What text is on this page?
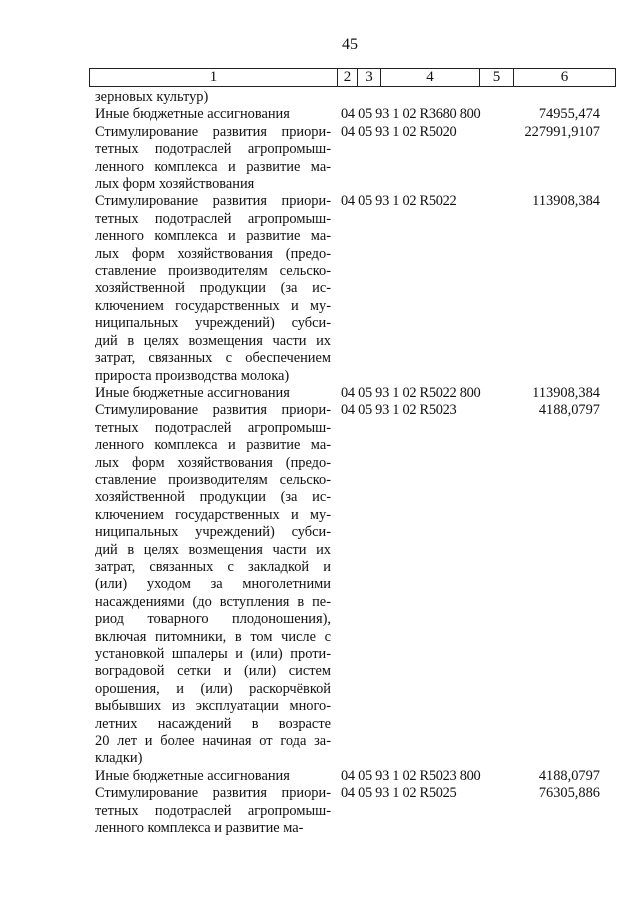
45
1	2	3	4	5	6
зерновых культур)
Иные бюджетные ассигнования	04 05 93 1 02 R3680 800	74955,474
Стимулирование развития приори-
тетных подотраслей агропромыш-
ленного комплекса и развитие ма-
лых форм хозяйствования
04 05 93 1 02 R5020	227991,9107
Стимулирование развития приори-
тетных подотраслей агропромыш-
ленного комплекса и развитие ма-
лых форм хозяйствования (предо-
ставление производителям сельско-
хозяйственной продукции (за ис-
ключением государственных и му-
ниципальных учреждений) субси-
дий в целях возмещения части их
затрат, связанных с обеспечением
прироста производства молока)
04 05 93 1 02 R5022	113908,384
Иные бюджетные ассигнования	04 05 93 1 02 R5022 800	113908,384
Стимулирование развития приори-
тетных подотраслей агропромыш-
ленного комплекса и развитие ма-
лых форм хозяйствования (предо-
ставление производителям сельско-
хозяйственной продукции (за ис-
ключением государственных и му-
ниципальных учреждений) субси-
дий в целях возмещения части их
затрат, связанных с закладкой и
(или) уходом за многолетними
насаждениями (до вступления в пе-
риод товарного плодоношения),
включая питомники, в том числе с
установкой шпалеры и (или) проти-
воградовой сетки и (или) систем
орошения, и (или) раскорчёвкой
выбывших из эксплуатации много-
летних насаждений в возрасте
20 лет и более начиная от года за-
кладки)
04 05 93 1 02 R5023	4188,0797
Иные бюджетные ассигнования	04 05 93 1 02 R5023 800	4188,0797
Стимулирование развития приори-
тетных подотраслей агропромыш-
ленного комплекса и развитие ма-
04 05 93 1 02 R5025	76305,886
